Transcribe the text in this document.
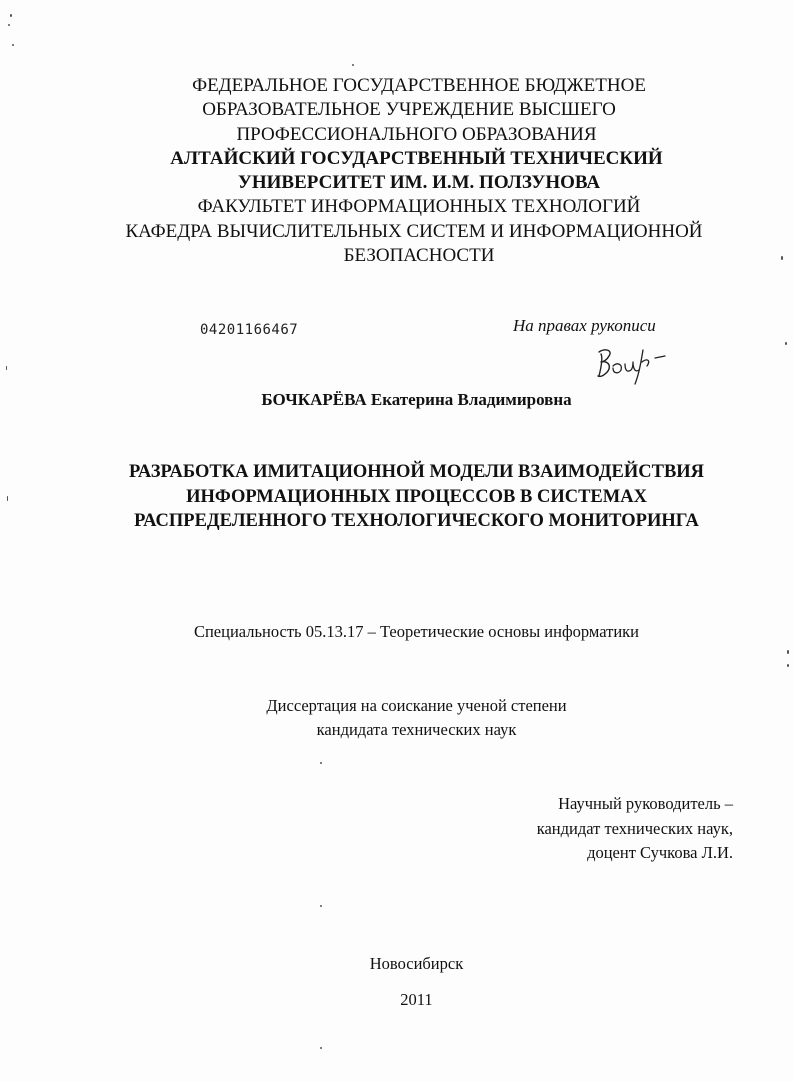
ФЕДЕРАЛЬНОЕ ГОСУДАРСТВЕННОЕ БЮДЖЕТНОЕ
ОБРАЗОВАТЕЛЬНОЕ УЧРЕЖДЕНИЕ ВЫСШЕГО
ПРОФЕССИОНАЛЬНОГО ОБРАЗОВАНИЯ
АЛТАЙСКИЙ ГОСУДАРСТВЕННЫЙ ТЕХНИЧЕСКИЙ
УНИВЕРСИТЕТ ИМ. И.М. ПОЛЗУНОВА
ФАКУЛЬТЕТ ИНФОРМАЦИОННЫХ ТЕХНОЛОГИЙ
КАФЕДРА ВЫЧИСЛИТЕЛЬНЫХ СИСТЕМ И ИНФОРМАЦИОННОЙ
БЕЗОПАСНОСТИ
04201166467	На правах рукописи
БОЧКАРЁВА Екатерина Владимировна
РАЗРАБОТКА ИМИТАЦИОННОЙ МОДЕЛИ ВЗАИМОДЕЙСТВИЯ
ИНФОРМАЦИОННЫХ ПРОЦЕССОВ В СИСТЕМАХ
РАСПРЕДЕЛЕННОГО ТЕХНОЛОГИЧЕСКОГО МОНИТОРИНГА
Специальность 05.13.17 – Теоретические основы информатики
Диссертация на соискание ученой степени
кандидата технических наук
Научный руководитель –
кандидат технических наук,
доцент Сучкова Л.И.
Новосибирск
2011
